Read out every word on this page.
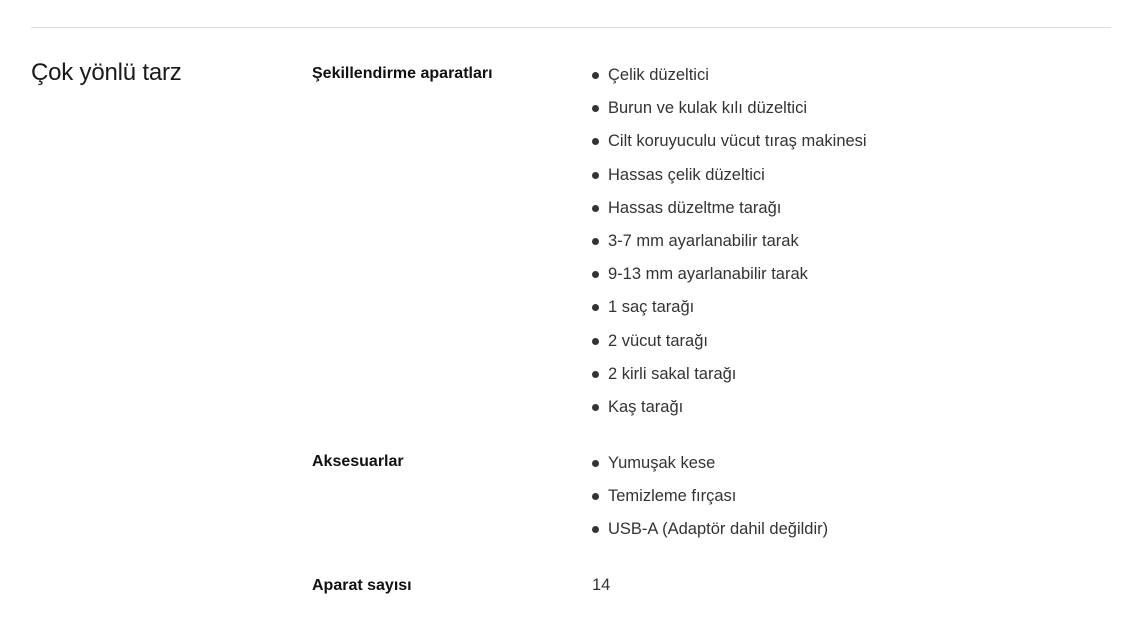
Çok yönlü tarz	Şekillendirme aparatları	Çelik düzeltici
Burun ve kulak kılı düzeltici
Cilt koruyuculu vücut tıraş makinesi
Hassas çelik düzeltici
Hassas düzeltme tarağı
3-7 mm ayarlanabilir tarak
9-13 mm ayarlanabilir tarak
1 saç tarağı
2 vücut tarağı
2 kirli sakal tarağı
Kaş tarağı
Aksesuarlar	Yumuşak kese
Temizleme fırçası
USB-A (Adaptör dahil değildir)
Aparat sayısı	14
